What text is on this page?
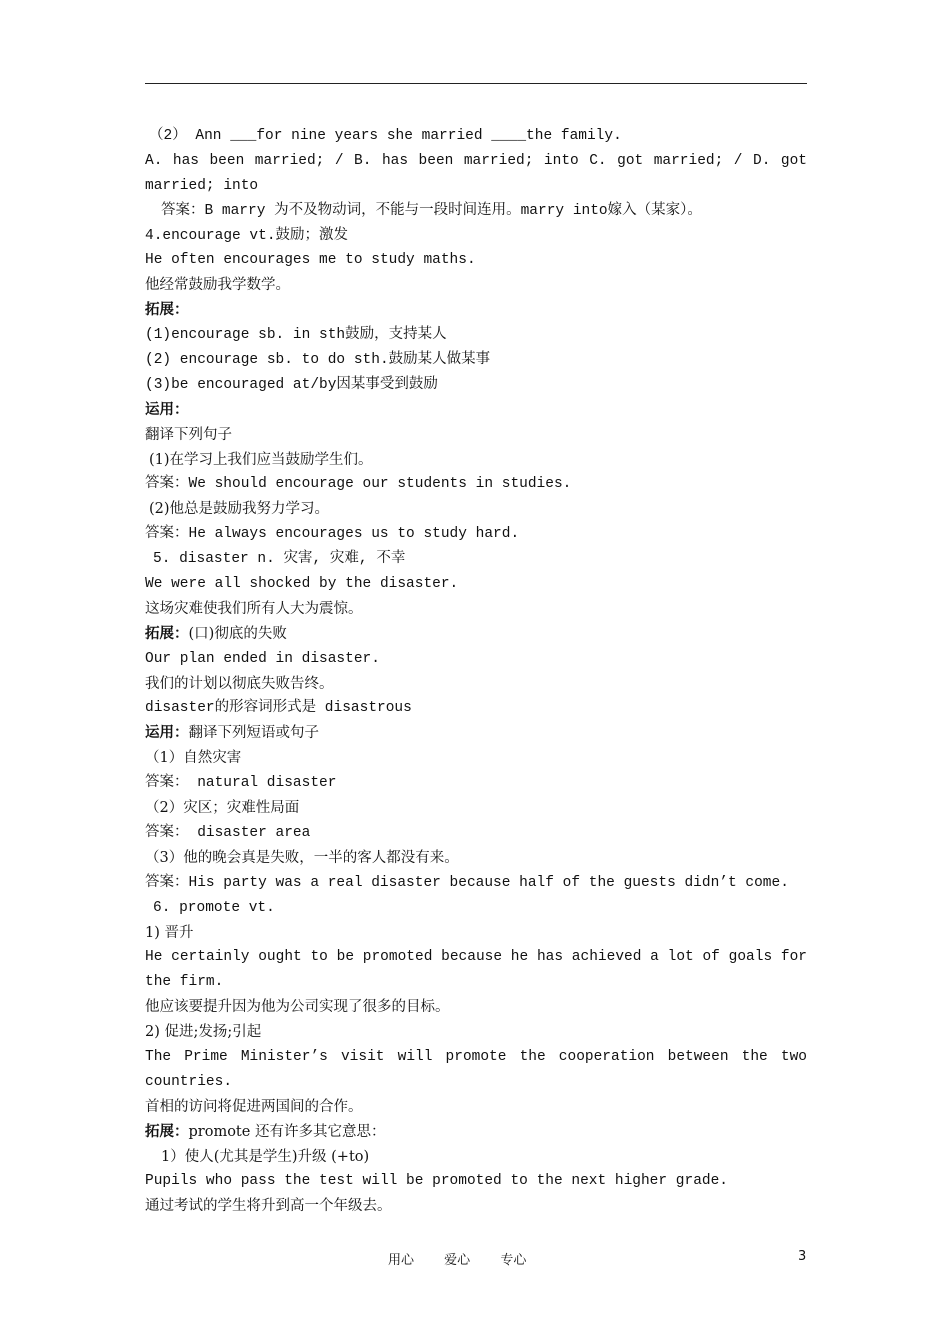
（2） Ann ___for nine years she married ____the family.
A. has been married; / B. has been married; into C. got married; / D. got
married; into
答案：B marry 为不及物动词，不能与一段时间连用。marry into嫁入（某家）。
4.encourage vt.鼓励；激发
He often encourages me to study maths.
他经常鼓励我学数学。
拓展：
(1)encourage sb. in sth鼓励，支持某人
(2) encourage sb. to do sth.鼓励某人做某事
(3)be encouraged at/by因某事受到鼓励
运用：
翻译下列句子
(1)在学习上我们应当鼓励学生们。
答案：We should encourage our students in studies.
(2)他总是鼓励我努力学习。
答案：He always encourages us to study hard.
5. disaster n. 灾害, 灾难, 不幸
We were all shocked by the disaster.
这场灾难使我们所有人大为震惊。
拓展：(口)彻底的失败
Our plan ended in disaster.
我们的计划以彻底失败告终。
disaster的形容词形式是 disastrous
运用：翻译下列短语或句子
（1）自然灾害
答案： natural disaster
（2）灾区；灾难性局面
答案： disaster area
（3）他的晚会真是失败，一半的客人都没有来。
答案：His party was a real disaster because half of the guests didn’t come.
6. promote vt.
1) 晋升
He certainly ought to be promoted because he has achieved a lot of goals for
the firm.
他应该要提升因为他为公司实现了很多的目标。
2) 促进;发扬;引起
The Prime Minister’s visit will promote the cooperation between the two
countries.
首相的访问将促进两国间的合作。
拓展：promote 还有许多其它意思：
1）使人(尤其是学生)升级 (+to)
Pupils who pass the test will be promoted to the next higher grade.
通过考试的学生将升到高一个年级去。
用心 爱心 专心	3
